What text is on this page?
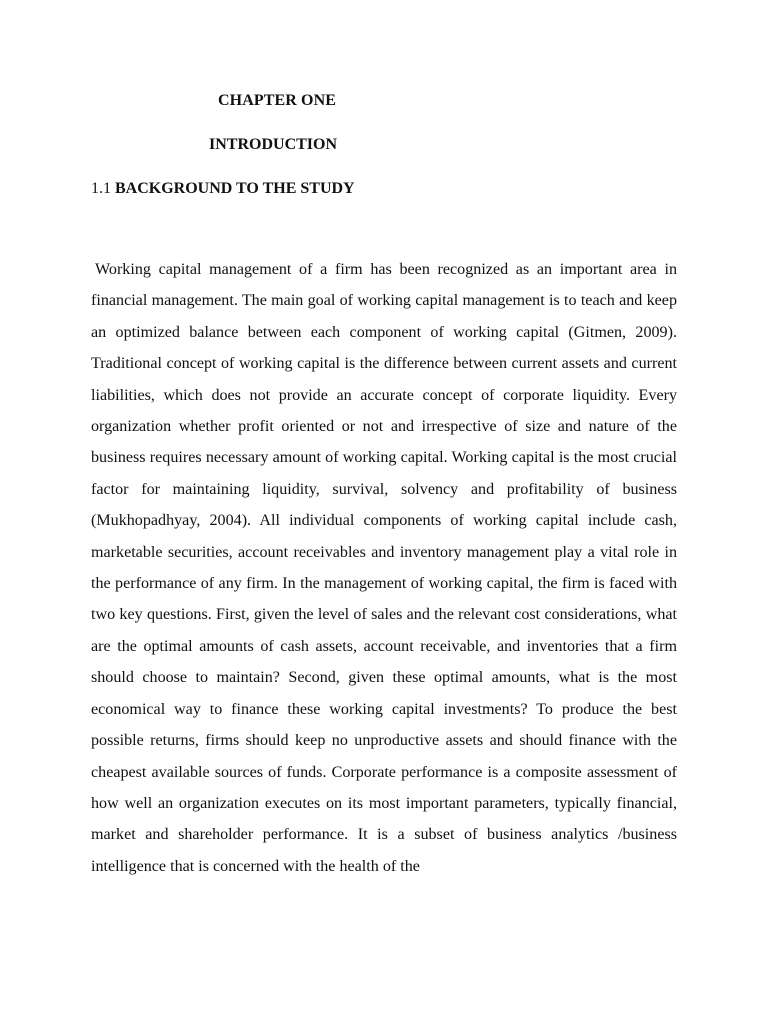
CHAPTER ONE
INTRODUCTION
1.1 BACKGROUND TO THE STUDY

Working capital management of a firm has been recognized as an important area in financial management. The main goal of working capital management is to teach and keep an optimized balance between each component of working capital (Gitmen, 2009). Traditional concept of working capital is the difference between current assets and current liabilities, which does not provide an accurate concept of corporate liquidity. Every organization whether profit oriented or not and irrespective of size and nature of the business requires necessary amount of working capital. Working capital is the most crucial factor for maintaining liquidity, survival, solvency and profitability of business (Mukhopadhyay, 2004). All individual components of working capital include cash, marketable securities, account receivables and inventory management play a vital role in the performance of any firm. In the management of working capital, the firm is faced with two key questions. First, given the level of sales and the relevant cost considerations, what are the optimal amounts of cash assets, account receivable, and inventories that a firm should choose to maintain? Second, given these optimal amounts, what is the most economical way to finance these working capital investments? To produce the best possible returns, firms should keep no unproductive assets and should finance with the cheapest available sources of funds. Corporate performance is a composite assessment of how well an organization executes on its most important parameters, typically financial, market and shareholder performance. It is a subset of business analytics /business intelligence that is concerned with the health of the
